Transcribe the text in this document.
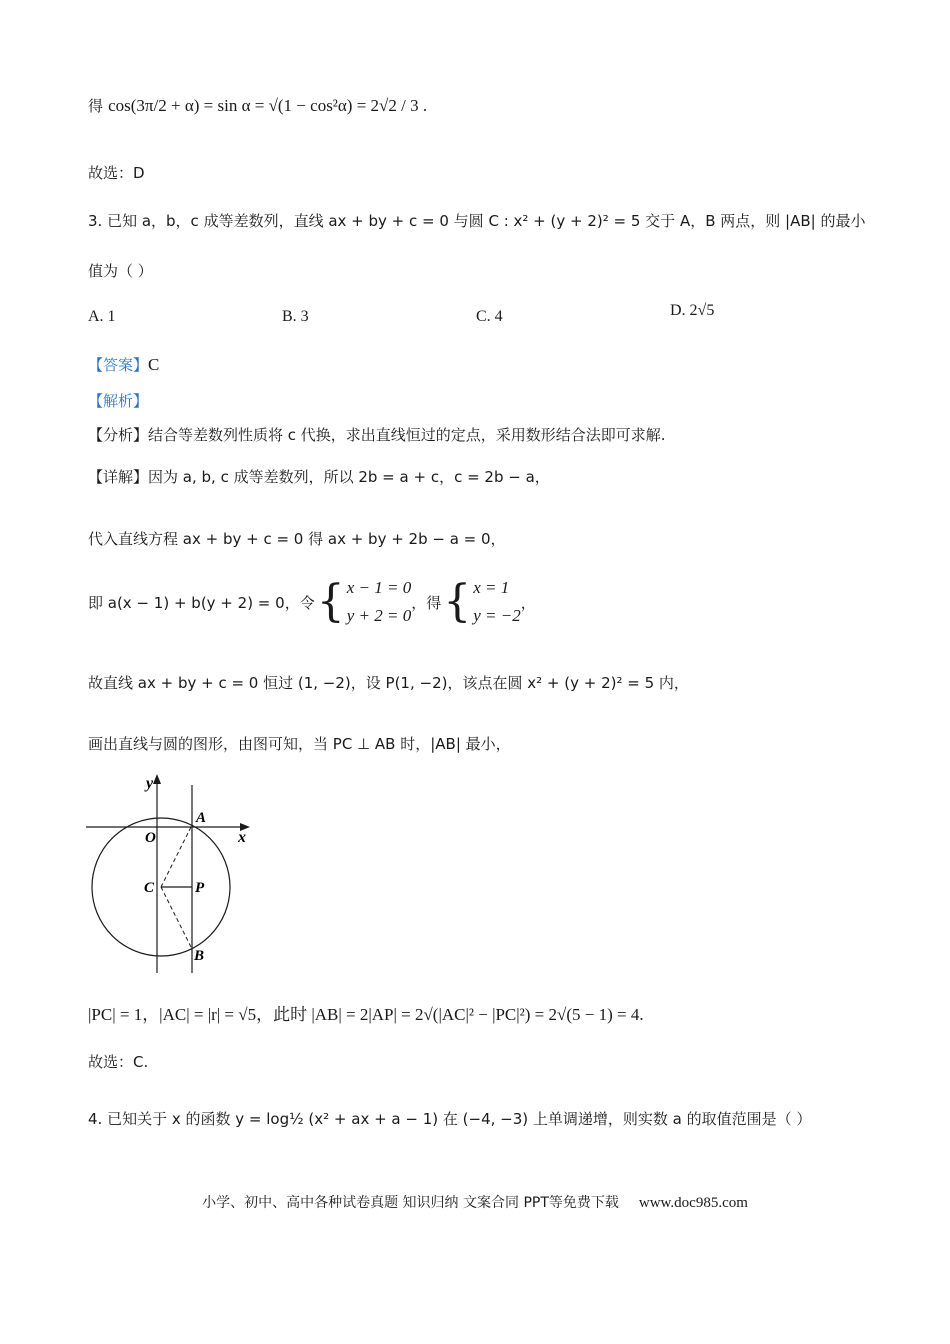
得 cos(3π/2 + α) = sin α = √(1 − cos²α) = 2√2 / 3 .
故选：D
3. 已知 a，b，c 成等差数列，直线 ax + by + c = 0 与圆 C : x² + (y + 2)² = 5 交于 A，B 两点，则 |AB| 的最小
值为（ ）
A. 1	B. 3	C. 4	D. 2√5
【答案】C
【解析】
【分析】结合等差数列性质将 c 代换，求出直线恒过的定点，采用数形结合法即可求解.
【详解】因为 a, b, c 成等差数列，所以 2b = a + c，c = 2b − a，
代入直线方程 ax + by + c = 0 得 ax + by + 2b − a = 0，
即 a(x − 1) + b(y + 2) = 0，令 { x − 1 = 0
y + 2 = 0
，得 { x = 1
y = −2
，
故直线 ax + by + c = 0 恒过 (1, −2)，设 P(1, −2)，该点在圆 x² + (y + 2)² = 5 内，
画出直线与圆的图形，由图可知，当 PC ⊥ AB 时，|AB| 最小，
y
x
O
A
C	P
B
|PC| = 1，|AC| = |r| = √5，此时 |AB| = 2|AP| = 2√(|AC|² − |PC|²) = 2√(5 − 1) = 4.
故选：C.
4. 已知关于 x 的函数 y = log½ (x² + ax + a − 1) 在 (−4, −3) 上单调递增，则实数 a 的取值范围是（ ）
小学、初中、高中各种试卷真题 知识归纳 文案合同 PPT等免费下载 www.doc985.com
